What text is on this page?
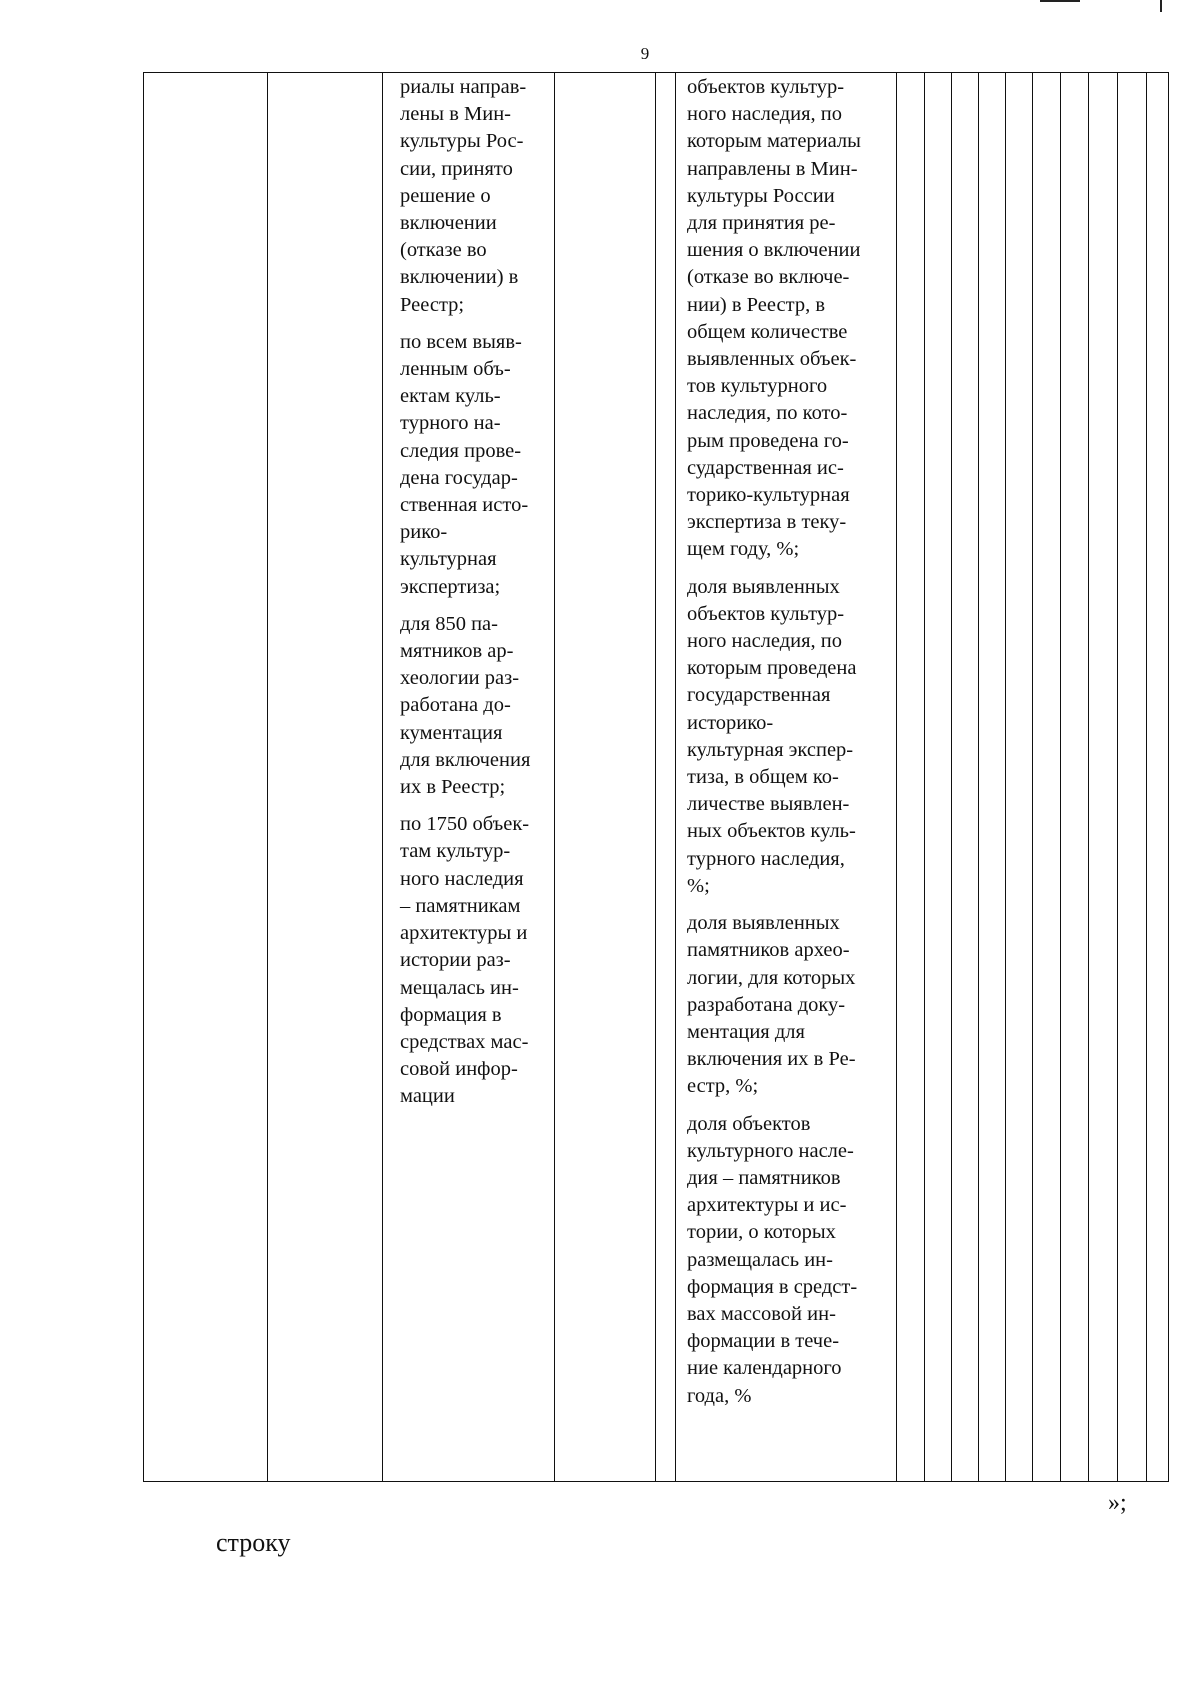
9

риалы направ-
лены в Мин-
культуры Рос-
сии, принято
решение о
включении
(отказе во
включении) в
Реестр;
по всем выяв-
ленным объ-
ектам куль-
турного на-
следия прове-
дена государ-
ственная исто-
рико-
культурная
экспертиза;
для 850 па-
мятников ар-
хеологии раз-
работана до-
кументация
для включения
их в Реестр;
по 1750 объек-
там культур-
ного наследия
– памятникам
архитектуры и
истории раз-
мещалась ин-
формация в
средствах мас-
совой инфор-
мации

объектов культур-
ного наследия, по
которым материалы
направлены в Мин-
культуры России
для принятия ре-
шения о включении
(отказе во включе-
нии) в Реестр, в
общем количестве
выявленных объек-
тов культурного
наследия, по кото-
рым проведена го-
сударственная ис-
торико-культурная
экспертиза в теку-
щем году, %;
доля выявленных
объектов культур-
ного наследия, по
которым проведена
государственная
историко-
культурная экспер-
тиза, в общем ко-
личестве выявлен-
ных объектов куль-
турного наследия,
%;
доля выявленных
памятников архео-
логии, для которых
разработана доку-
ментация для
включения их в Ре-
естр, %;
доля объектов
культурного насле-
дия – памятников
архитектуры и ис-
тории, о которых
размещалась ин-
формация в средст-
вах массовой ин-
формации в тече-
ние календарного
года, %

»;
строку
